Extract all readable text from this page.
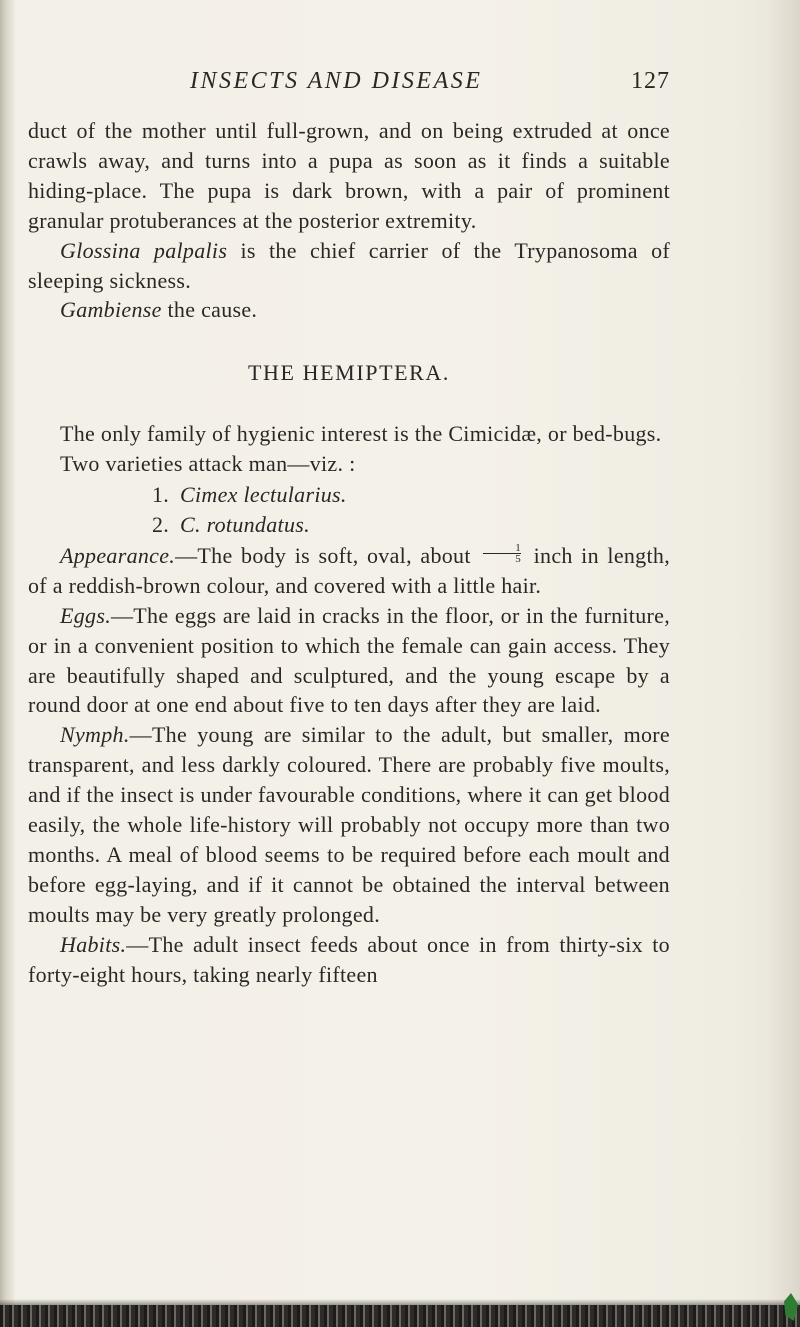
INSECTS AND DISEASE	127

duct of the mother until full-grown, and on being extruded at once crawls away, and turns into a pupa as soon as it finds a suitable hiding-place. The pupa is dark brown, with a pair of prominent granular protuberances at the posterior extremity.

Glossina palpalis is the chief carrier of the Trypanosoma of sleeping sickness.

Gambiense the cause.

THE HEMIPTERA.

The only family of hygienic interest is the Cimicidæ, or bed-bugs.

Two varieties attack man—viz. :

1. Cimex lectularius.
2. C. rotundatus.

Appearance.—The body is soft, oval, about $\frac{1}{5}$ inch in length, of a reddish-brown colour, and covered with a little hair.

Eggs.—The eggs are laid in cracks in the floor, or in the furniture, or in a convenient position to which the female can gain access. They are beautifully shaped and sculptured, and the young escape by a round door at one end about five to ten days after they are laid.

Nymph.—The young are similar to the adult, but smaller, more transparent, and less darkly coloured. There are probably five moults, and if the insect is under favourable conditions, where it can get blood easily, the whole life-history will probably not occupy more than two months. A meal of blood seems to be required before each moult and before egg-laying, and if it cannot be obtained the interval between moults may be very greatly prolonged.

Habits.—The adult insect feeds about once in from thirty-six to forty-eight hours, taking nearly fifteen
